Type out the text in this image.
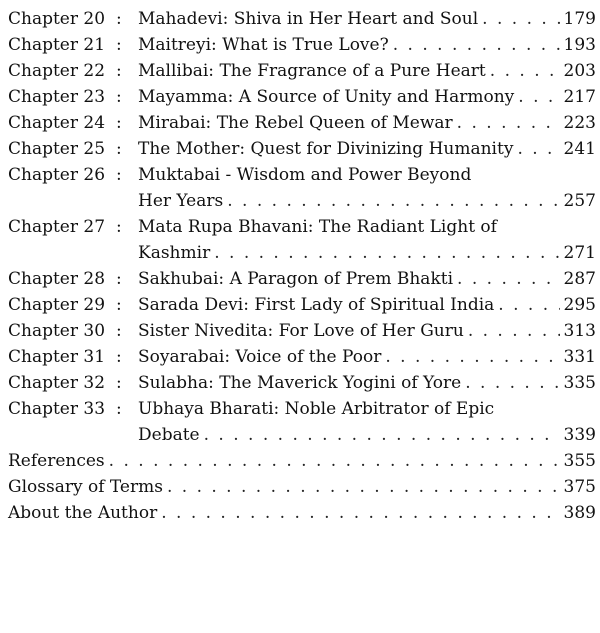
Chapter 20 : Mahadevi: Shiva in Her Heart and Soul . . .	179
Chapter 21 : Maitreyi: What is True Love? . . .	193
Chapter 22 : Mallibai: The Fragrance of a Pure Heart . . .	203
Chapter 23 : Mayamma: A Source of Unity and Harmony . . .	217
Chapter 24 : Mirabai: The Rebel Queen of Mewar . . .	223
Chapter 25 : The Mother: Quest for Divinizing Humanity . . .	241
Chapter 26 : Muktabai - Wisdom and Power Beyond
Her Years . . .	257
Chapter 27 : Mata Rupa Bhavani: The Radiant Light of
Kashmir . . .	271
Chapter 28 : Sakhubai: A Paragon of Prem Bhakti . . .	287
Chapter 29 : Sarada Devi: First Lady of Spiritual India . . .	295
Chapter 30 : Sister Nivedita: For Love of Her Guru . . .	313
Chapter 31 : Soyarabai: Voice of the Poor . . .	331
Chapter 32 : Sulabha: The Maverick Yogini of Yore . . .	335
Chapter 33 : Ubhaya Bharati: Noble Arbitrator of Epic
Debate . . .	339
References . . .	355
Glossary of Terms . . .	375
About the Author . . .	389
